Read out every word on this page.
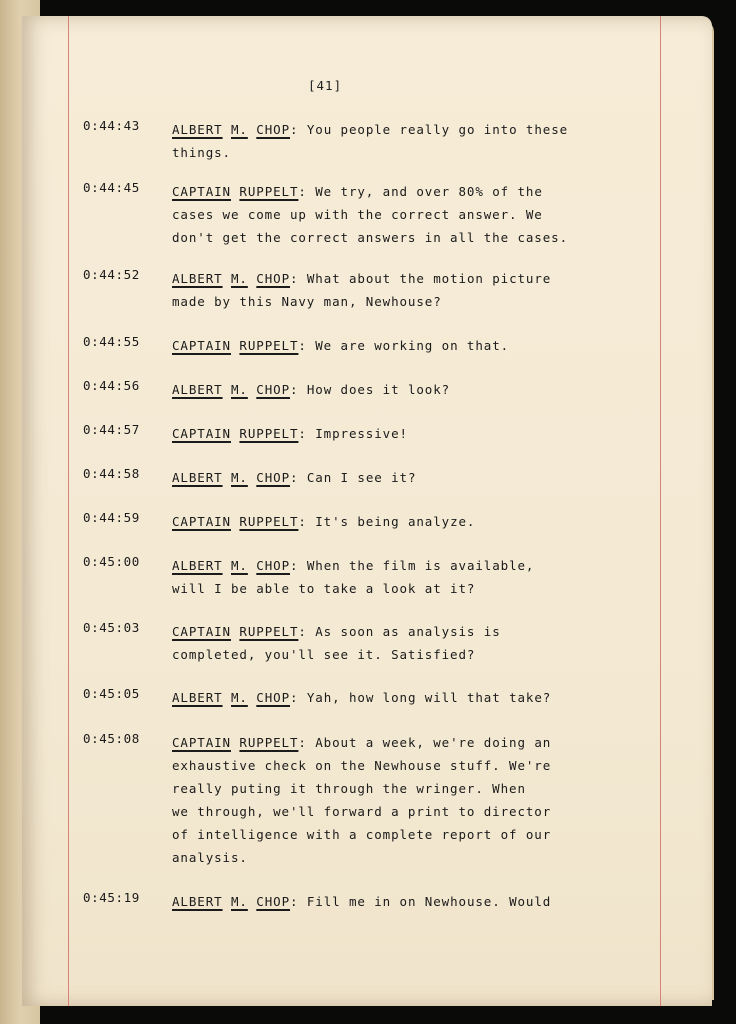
[41]
0:44:43	ALBERT M. CHOP: You people really go into these
things.
0:44:45	CAPTAIN RUPPELT: We try, and over 80% of the
cases we come up with the correct answer. We
don't get the correct answers in all the cases.
0:44:52	ALBERT M. CHOP: What about the motion picture
made by this Navy man, Newhouse?
0:44:55	CAPTAIN RUPPELT: We are working on that.
0:44:56	ALBERT M. CHOP: How does it look?
0:44:57	CAPTAIN RUPPELT: Impressive!
0:44:58	ALBERT M. CHOP: Can I see it?
0:44:59	CAPTAIN RUPPELT: It's being analyze.
0:45:00	ALBERT M. CHOP: When the film is available,
will I be able to take a look at it?
0:45:03	CAPTAIN RUPPELT: As soon as analysis is
completed, you'll see it. Satisfied?
0:45:05	ALBERT M. CHOP: Yah, how long will that take?
0:45:08	CAPTAIN RUPPELT: About a week, we're doing an
exhaustive check on the Newhouse stuff. We're
really puting it through the wringer. When
we through, we'll forward a print to director
of intelligence with a complete report of our
analysis.
0:45:19	ALBERT M. CHOP: Fill me in on Newhouse. Would
